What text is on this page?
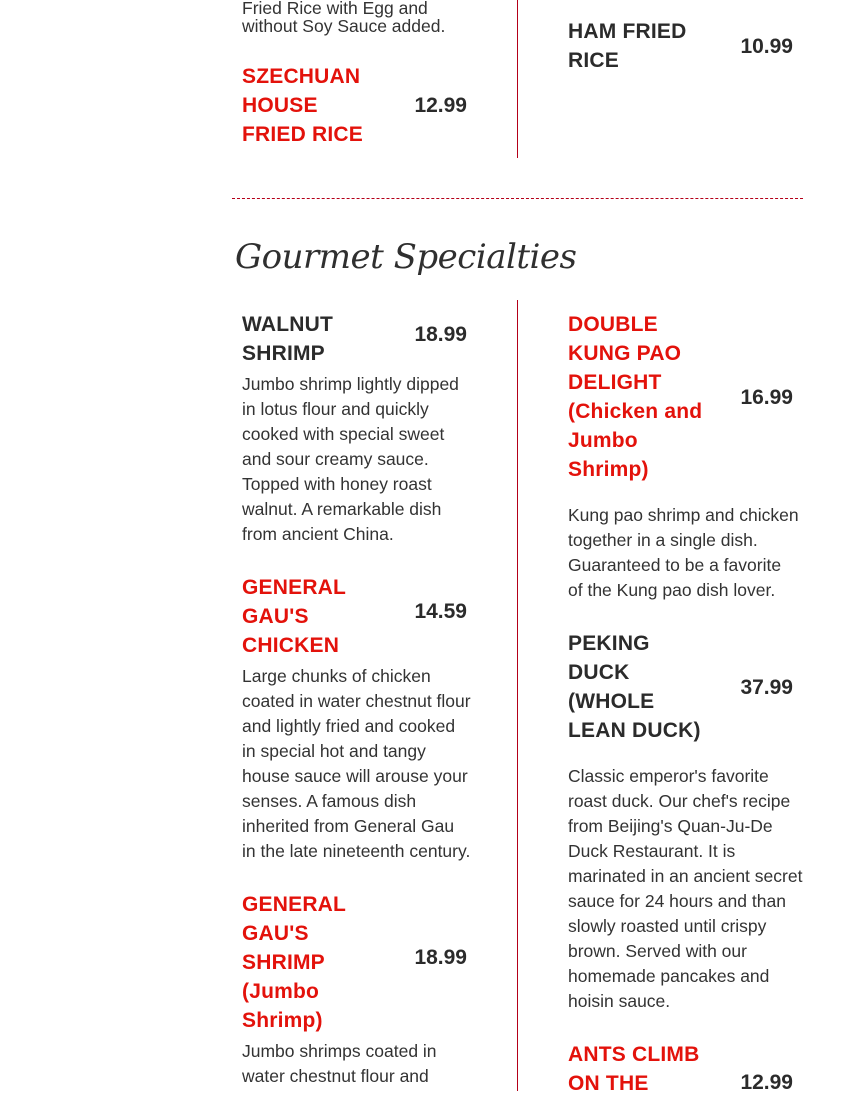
Fried Rice with Egg and
without Soy Sauce added.
SZECHUAN
HOUSE
FRIED RICE
12.99
HAM FRIED
RICE
10.99
Gourmet Specialties
WALNUT
SHRIMP
18.99
Jumbo shrimp lightly dipped
in lotus flour and quickly
cooked with special sweet
and sour creamy sauce.
Topped with honey roast
walnut. A remarkable dish
from ancient China.
GENERAL
GAU'S
CHICKEN
14.59
Large chunks of chicken
coated in water chestnut flour
and lightly fried and cooked
in special hot and tangy
house sauce will arouse your
senses. A famous dish
inherited from General Gau
in the late nineteenth century.
GENERAL
GAU'S
SHRIMP
(Jumbo
Shrimp)
18.99
Jumbo shrimps coated in
water chestnut flour and
DOUBLE
KUNG PAO
DELIGHT
(Chicken and
Jumbo
Shrimp)
16.99
Kung pao shrimp and chicken
together in a single dish.
Guaranteed to be a favorite
of the Kung pao dish lover.
PEKING
DUCK
(WHOLE
LEAN DUCK)
37.99
Classic emperor's favorite
roast duck. Our chef's recipe
from Beijing's Quan-Ju-De
Duck Restaurant. It is
marinated in an ancient secret
sauce for 24 hours and than
slowly roasted until crispy
brown. Served with our
homemade pancakes and
hoisin sauce.
ANTS CLIMB
ON THE	12.99
